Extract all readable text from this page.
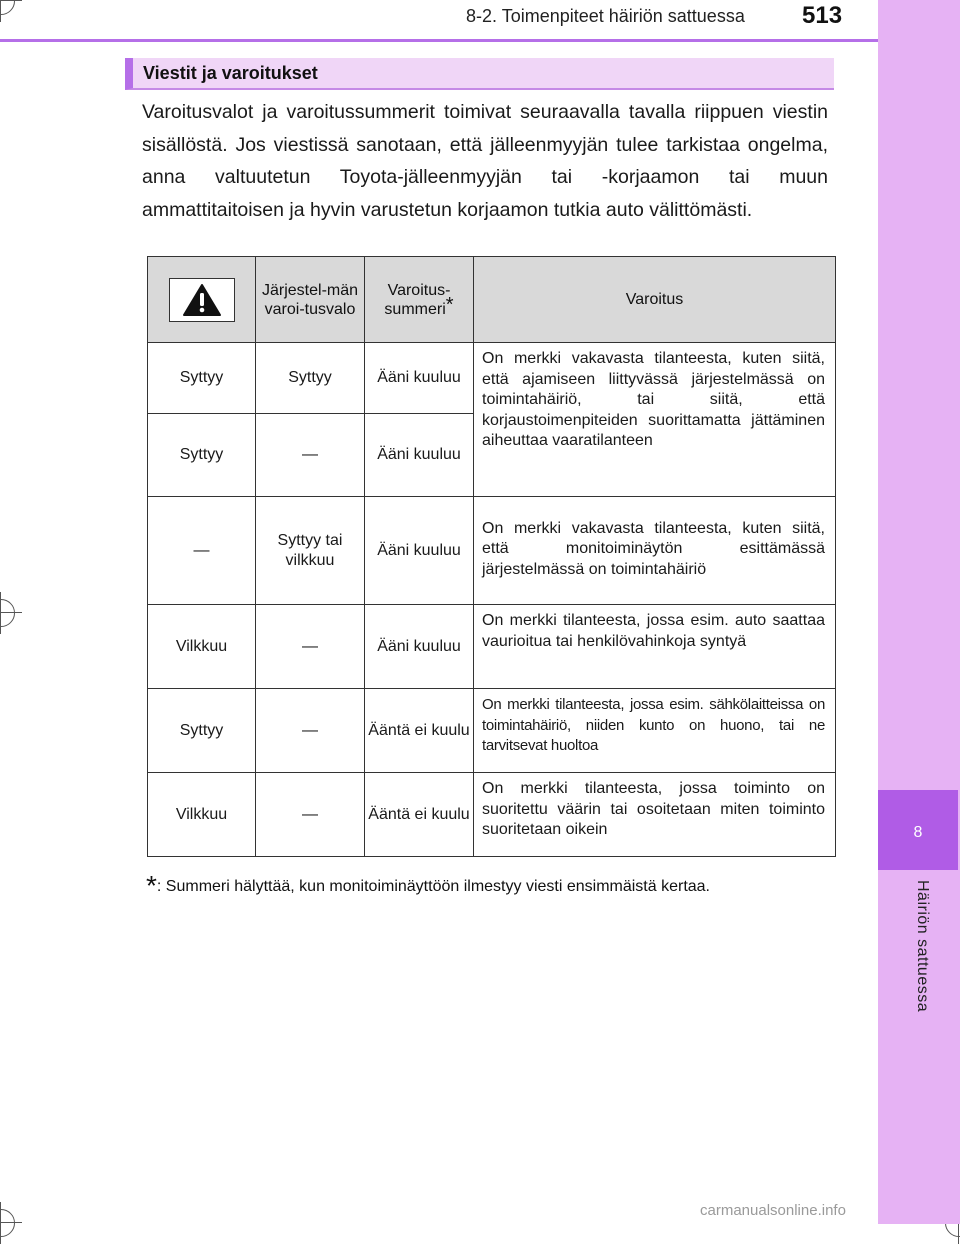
8
Häiriön sattuessa
8-2. Toimenpiteet häiriön sattuessa 513
Viestit ja varoitukset
Varoitusvalot ja varoitussummerit toimivat seuraavalla tavalla riippuen viestin sisällöstä. Jos viestissä sanotaan, että jälleenmyyjän tulee tarkistaa ongelma, anna valtuutetun Toyota-jälleenmyyjän tai -korjaamon tai muun ammattitaitoisen ja hyvin varustetun korjaamon tutkia auto välittömästi.
	Järjestel-män varoi-tusvalo	Varoitus-summeri*	Varoitus
Syttyy	Syttyy	Ääni kuuluu	On merkki vakavasta tilanteesta, kuten siitä, että ajamiseen liittyvässä järjestelmässä on toimintahäiriö, tai siitä, että korjaustoimenpiteiden suorittamatta jättäminen aiheuttaa vaaratilanteen
Syttyy	—	Ääni kuuluu	
—	Syttyy tai vilkkuu	Ääni kuuluu	On merkki vakavasta tilanteesta, kuten siitä, että monitoiminäytön esittämässä järjestelmässä on toimintahäiriö
Vilkkuu	—	Ääni kuuluu	On merkki tilanteesta, jossa esim. auto saattaa vaurioitua tai henkilövahinkoja syntyä
Syttyy	—	Ääntä ei kuulu	On merkki tilanteesta, jossa esim. sähkölaitteissa on toimintahäiriö, niiden kunto on huono, tai ne tarvitsevat huoltoa
Vilkkuu	—	Ääntä ei kuulu	On merkki tilanteesta, jossa toiminto on suoritettu väärin tai osoitetaan miten toiminto suoritetaan oikein
*: Summeri hälyttää, kun monitoiminäyttöön ilmestyy viesti ensimmäistä kertaa.
carmanualsonline.info
